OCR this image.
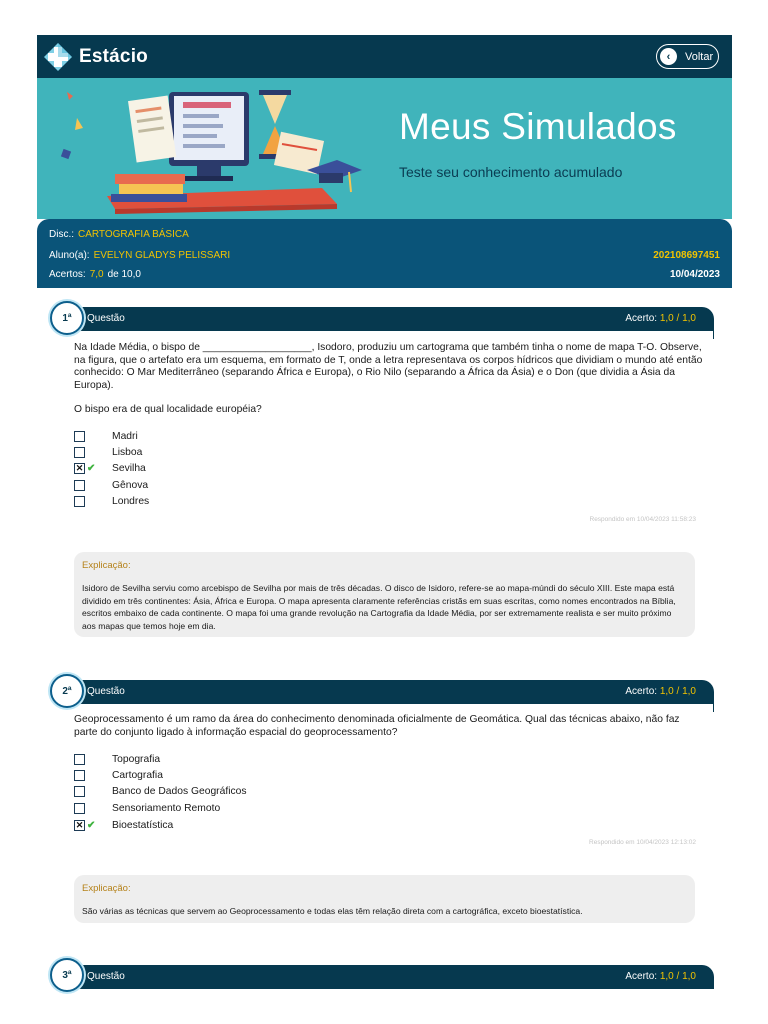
Estácio	‹	Voltar
Meus Simulados
Teste seu conhecimento acumulado
Disc.: CARTOGRAFIA BÁSICA
Aluno(a): EVELYN GLADYS PELISSARI	202108697451
Acertos: 7,0 de 10,0	10/04/2023
Questão	Acerto: 1,0 / 1,0
1ª
Na Idade Média, o bispo de ___________________, Isodoro, produziu um cartograma que também tinha o nome de mapa T-O. Observe, na figura, que o artefato era um esquema, em formato de T, onde a letra representava os corpos hídricos que dividiam o mundo até então conhecido: O Mar Mediterrâneo (separando África e Europa), o Rio Nilo (separando a África da Ásia) e o Don (que dividia a Ásia da Europa).
O bispo era de qual localidade européia?
Madri
Lisboa
✕ ✔	Sevilha
Gênova
Londres
Respondido em 10/04/2023 11:58:23
Explicação:
Isidoro de Sevilha serviu como arcebispo de Sevilha por mais de três décadas. O disco de Isidoro, refere-se ao mapa-múndi do século XIII. Este mapa está dividido em três continentes: Ásia, África e Europa. O mapa apresenta claramente referências cristãs em suas escritas, como nomes encontrados na Bíblia, escritos embaixo de cada continente. O mapa foi uma grande revolução na Cartografia da Idade Média, por ser extremamente realista e ser muito próximo aos mapas que temos hoje em dia.
Questão	Acerto: 1,0 / 1,0
2ª
Geoprocessamento é um ramo da área do conhecimento denominada oficialmente de Geomática. Qual das técnicas abaixo, não faz parte do conjunto ligado à informação espacial do geoprocessamento?
Topografia
Cartografia
Banco de Dados Geográficos
Sensoriamento Remoto
✕ ✔	Bioestatística
Respondido em 10/04/2023 12:13:02
Explicação:
São várias as técnicas que servem ao Geoprocessamento e todas elas têm relação direta com a cartográfica, exceto bioestatística.
Questão	Acerto: 1,0 / 1,0
3ª
